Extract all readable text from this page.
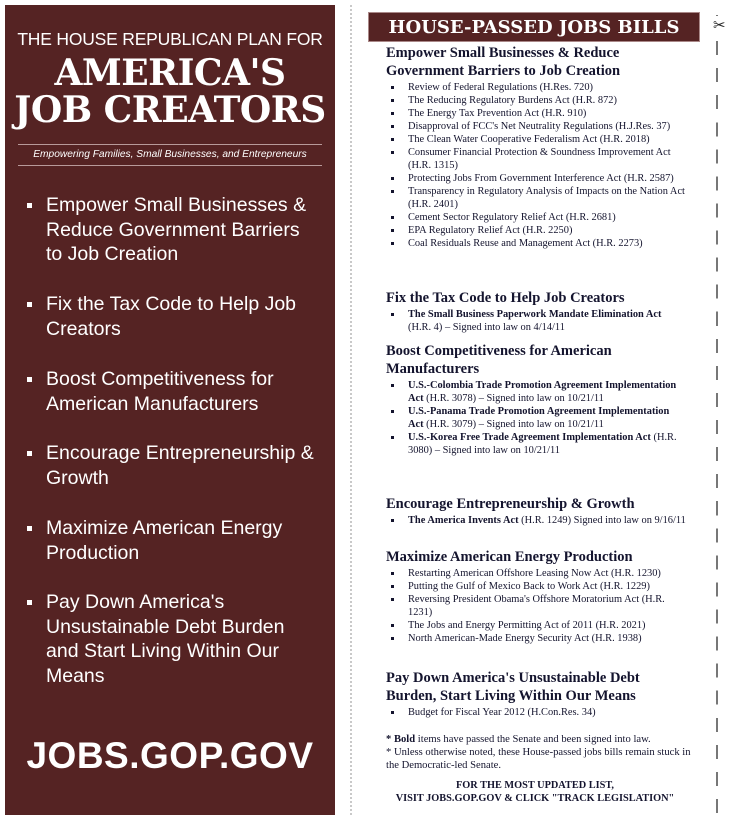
THE HOUSE REPUBLICAN PLAN FOR
AMERICA'S
JOB CREATORS
Empowering Families, Small Businesses, and Entrepreneurs
Empower Small Businesses & Reduce Government Barriers to Job Creation
Fix the Tax Code to Help Job Creators
Boost Competitiveness for American Manufacturers
Encourage Entrepreneurship & Growth
Maximize American Energy Production
Pay Down America's Unsustainable Debt Burden and Start Living Within Our Means
JOBS.GOP.GOV
✂
HOUSE-PASSED JOBS BILLS
Empower Small Businesses & Reduce Government Barriers to Job Creation
Review of Federal Regulations (H.Res. 720)
The Reducing Regulatory Burdens Act (H.R. 872)
The Energy Tax Prevention Act (H.R. 910)
Disapproval of FCC's Net Neutrality Regulations (H.J.Res. 37)
The Clean Water Cooperative Federalism Act (H.R. 2018)
Consumer Financial Protection & Soundness Improvement Act (H.R. 1315)
Protecting Jobs From Government Interference Act (H.R. 2587)
Transparency in Regulatory Analysis of Impacts on the Nation Act (H.R. 2401)
Cement Sector Regulatory Relief Act (H.R. 2681)
EPA Regulatory Relief Act (H.R. 2250)
Coal Residuals Reuse and Management Act (H.R. 2273)
Fix the Tax Code to Help Job Creators
The Small Business Paperwork Mandate Elimination Act (H.R. 4) – Signed into law on 4/14/11
Boost Competitiveness for American Manufacturers
U.S.-Colombia Trade Promotion Agreement Implementation Act (H.R. 3078) – Signed into law on 10/21/11
U.S.-Panama Trade Promotion Agreement Implementation Act (H.R. 3079) – Signed into law on 10/21/11
U.S.-Korea Free Trade Agreement Implementation Act (H.R. 3080) – Signed into law on 10/21/11
Encourage Entrepreneurship & Growth
The America Invents Act (H.R. 1249) Signed into law on 9/16/11
Maximize American Energy Production
Restarting American Offshore Leasing Now Act (H.R. 1230)
Putting the Gulf of Mexico Back to Work Act (H.R. 1229)
Reversing President Obama's Offshore Moratorium Act (H.R. 1231)
The Jobs and Energy Permitting Act of 2011 (H.R. 2021)
North American-Made Energy Security Act (H.R. 1938)
Pay Down America's Unsustainable Debt Burden, Start Living Within Our Means
Budget for Fiscal Year 2012 (H.Con.Res. 34)
* Bold items have passed the Senate and been signed into law.
* Unless otherwise noted, these House-passed jobs bills remain stuck in the Democratic-led Senate.
FOR THE MOST UPDATED LIST,
VISIT JOBS.GOP.GOV & CLICK "TRACK LEGISLATION"
